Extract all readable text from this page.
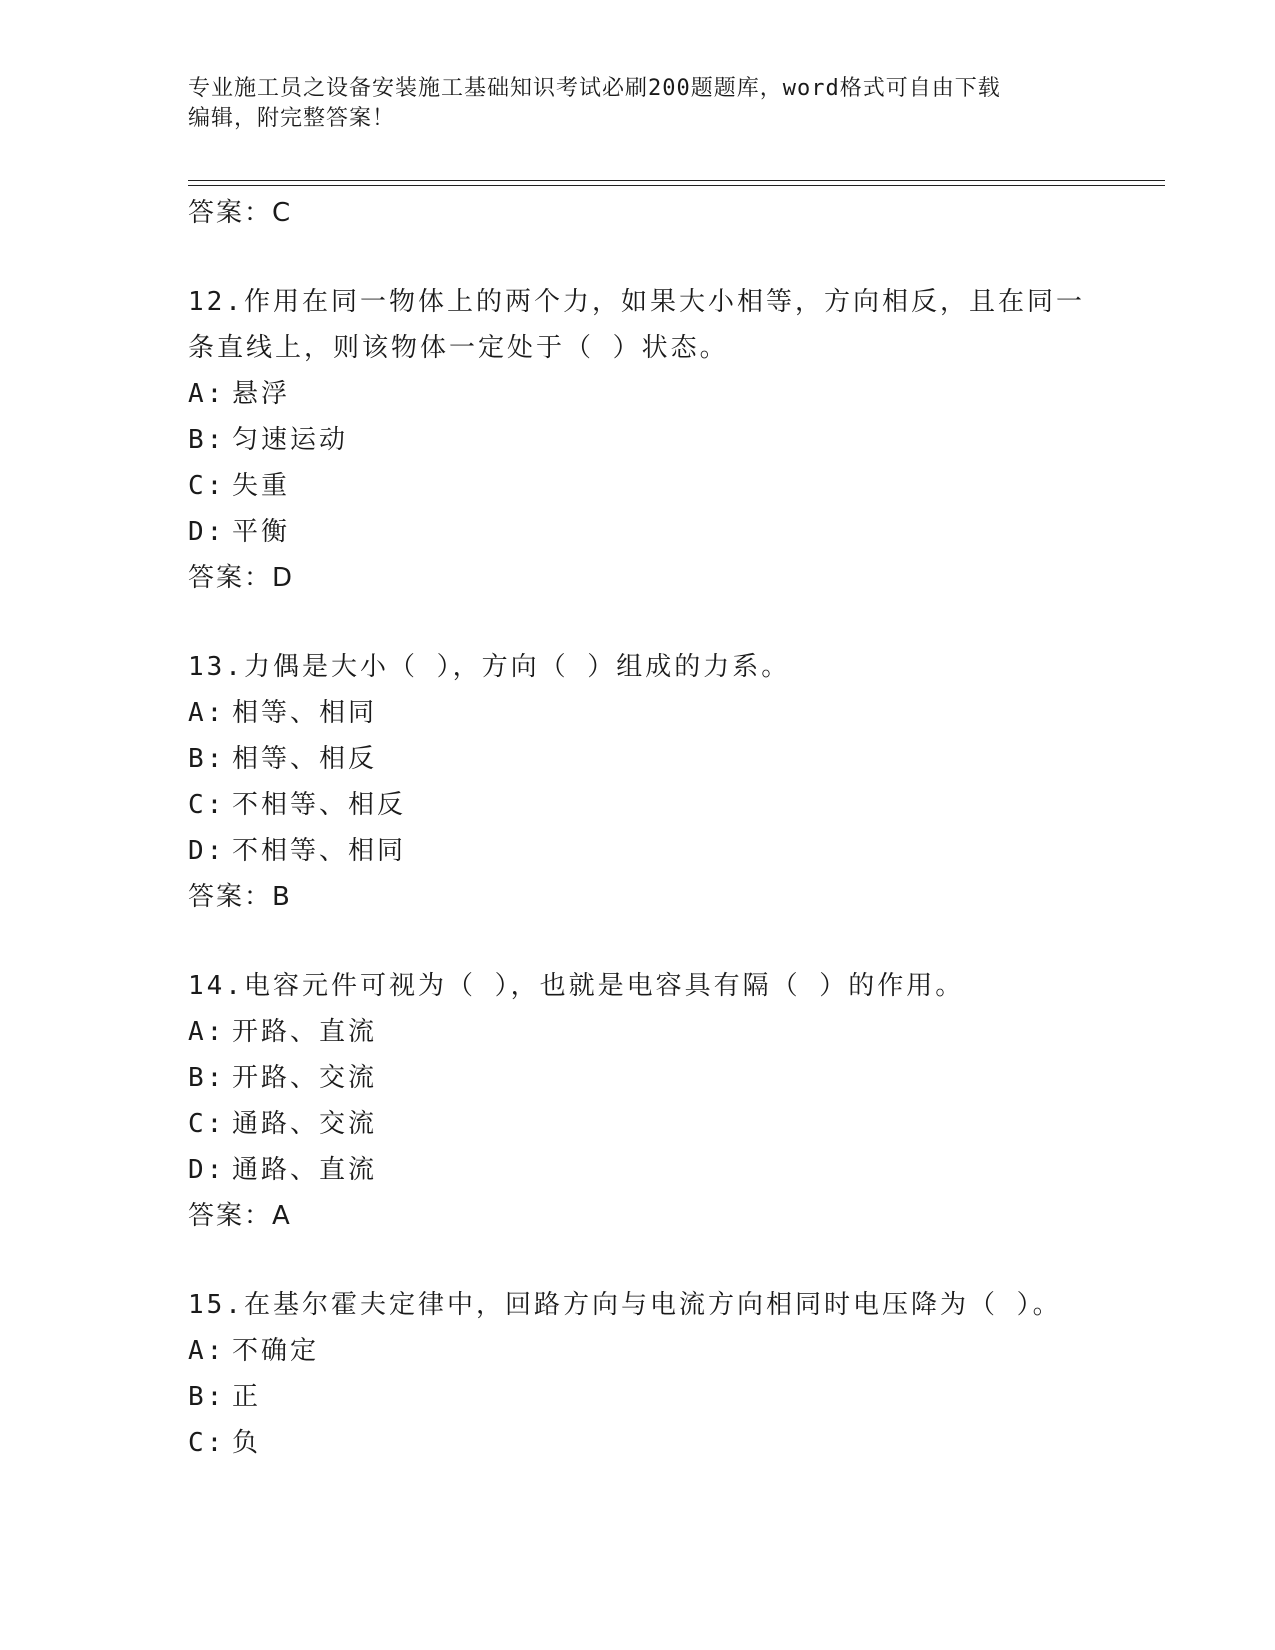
专业施工员之设备安装施工基础知识考试必刷200题题库，word格式可自由下载
编辑，附完整答案！
答案：C
12.作用在同一物体上的两个力，如果大小相等，方向相反，且在同一
条直线上，则该物体一定处于（ ）状态。
A: 悬浮
B: 匀速运动
C: 失重
D: 平衡
答案：D
13.力偶是大小（ ），方向（ ）组成的力系。
A: 相等、相同
B: 相等、相反
C: 不相等、相反
D: 不相等、相同
答案：B
14.电容元件可视为（ ），也就是电容具有隔（ ）的作用。
A: 开路、直流
B: 开路、交流
C: 通路、交流
D: 通路、直流
答案：A
15.在基尔霍夫定律中，回路方向与电流方向相同时电压降为（ ）。
A: 不确定
B: 正
C: 负
